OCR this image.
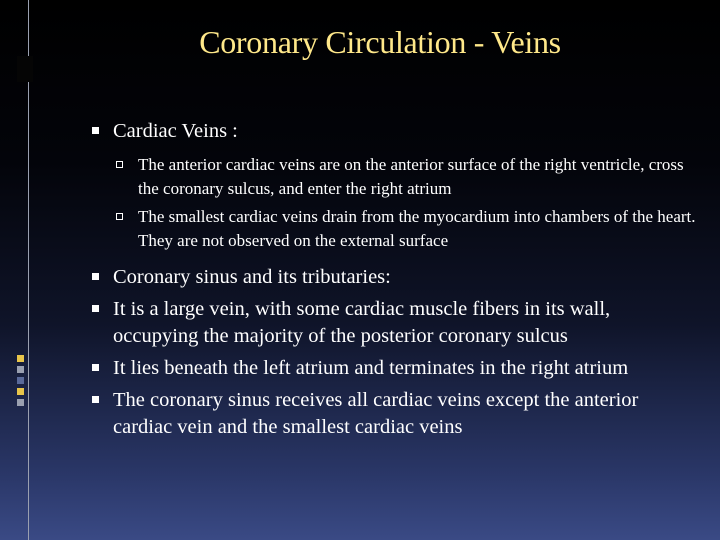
Coronary Circulation - Veins
Cardiac Veins :
The anterior cardiac veins are on the anterior surface of the right ventricle, cross the coronary sulcus, and enter the right atrium
The smallest cardiac veins drain from the myocardium into chambers of the heart. They are not observed on the external surface
Coronary sinus and its tributaries:
It is a large vein, with some cardiac muscle fibers in its wall, occupying the majority of the posterior coronary sulcus
It lies beneath the left atrium and terminates in the right atrium
The coronary sinus receives all cardiac veins except the anterior cardiac vein and the smallest cardiac veins
